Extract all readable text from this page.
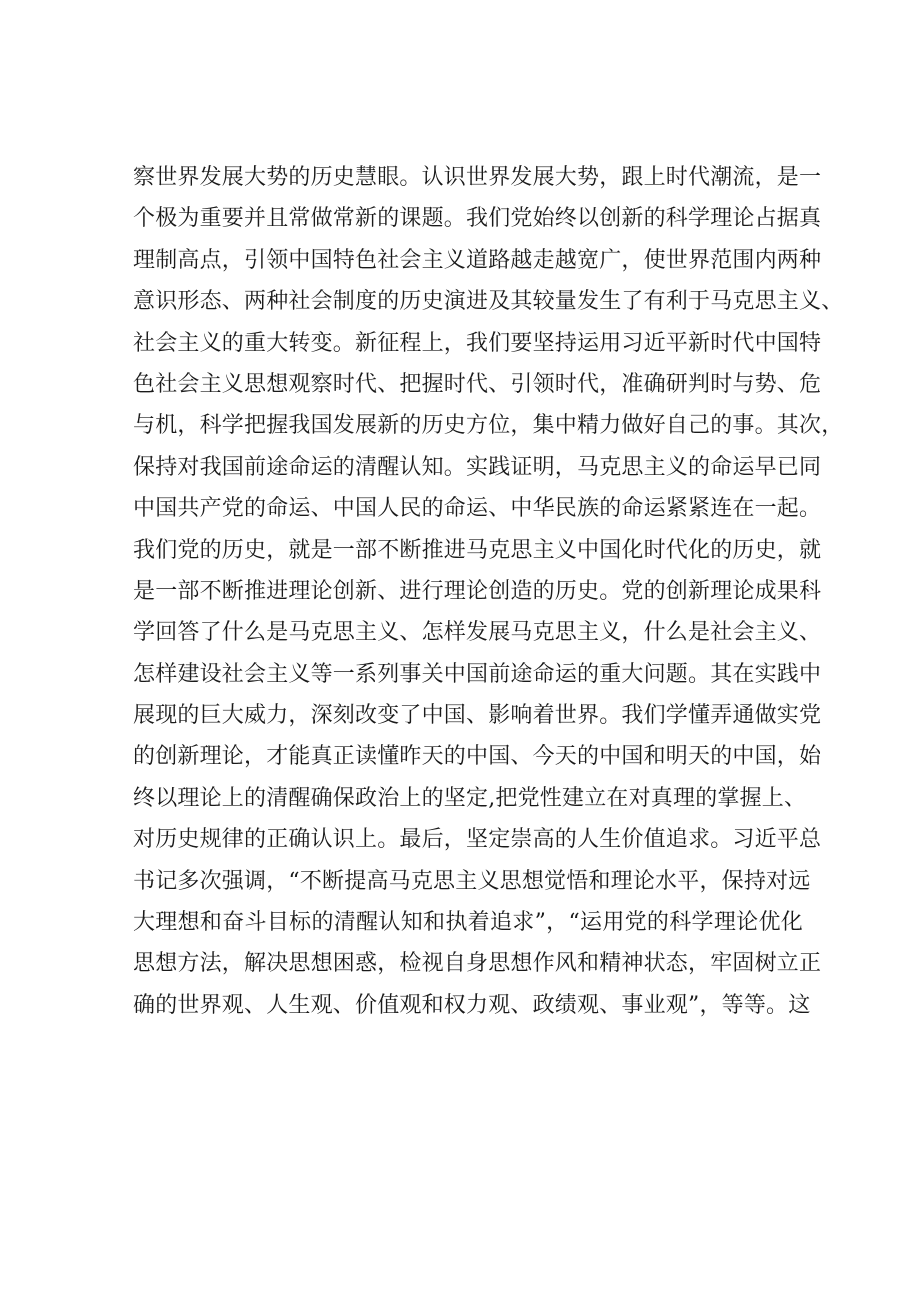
察世界发展大势的历史慧眼。认识世界发展大势，跟上时代潮流，是一
个极为重要并且常做常新的课题。我们党始终以创新的科学理论占据真
理制高点，引领中国特色社会主义道路越走越宽广，使世界范围内两种
意识形态、两种社会制度的历史演进及其较量发生了有利于马克思主义、
社会主义的重大转变。新征程上，我们要坚持运用习近平新时代中国特
色社会主义思想观察时代、把握时代、引领时代，准确研判时与势、危
与机，科学把握我国发展新的历史方位，集中精力做好自己的事。其次，
保持对我国前途命运的清醒认知。实践证明，马克思主义的命运早已同
中国共产党的命运、中国人民的命运、中华民族的命运紧紧连在一起。
我们党的历史，就是一部不断推进马克思主义中国化时代化的历史，就
是一部不断推进理论创新、进行理论创造的历史。党的创新理论成果科
学回答了什么是马克思主义、怎样发展马克思主义，什么是社会主义、
怎样建设社会主义等一系列事关中国前途命运的重大问题。其在实践中
展现的巨大威力，深刻改变了中国、影响着世界。我们学懂弄通做实党
的创新理论，才能真正读懂昨天的中国、今天的中国和明天的中国，始
终以理论上的清醒确保政治上的坚定,把党性建立在对真理的掌握上、
对历史规律的正确认识上。最后，坚定崇高的人生价值追求。习近平总
书记多次强调，“不断提高马克思主义思想觉悟和理论水平，保持对远
大理想和奋斗目标的清醒认知和执着追求”，“运用党的科学理论优化
思想方法，解决思想困惑，检视自身思想作风和精神状态，牢固树立正
确的世界观、人生观、价值观和权力观、政绩观、事业观”，等等。这
